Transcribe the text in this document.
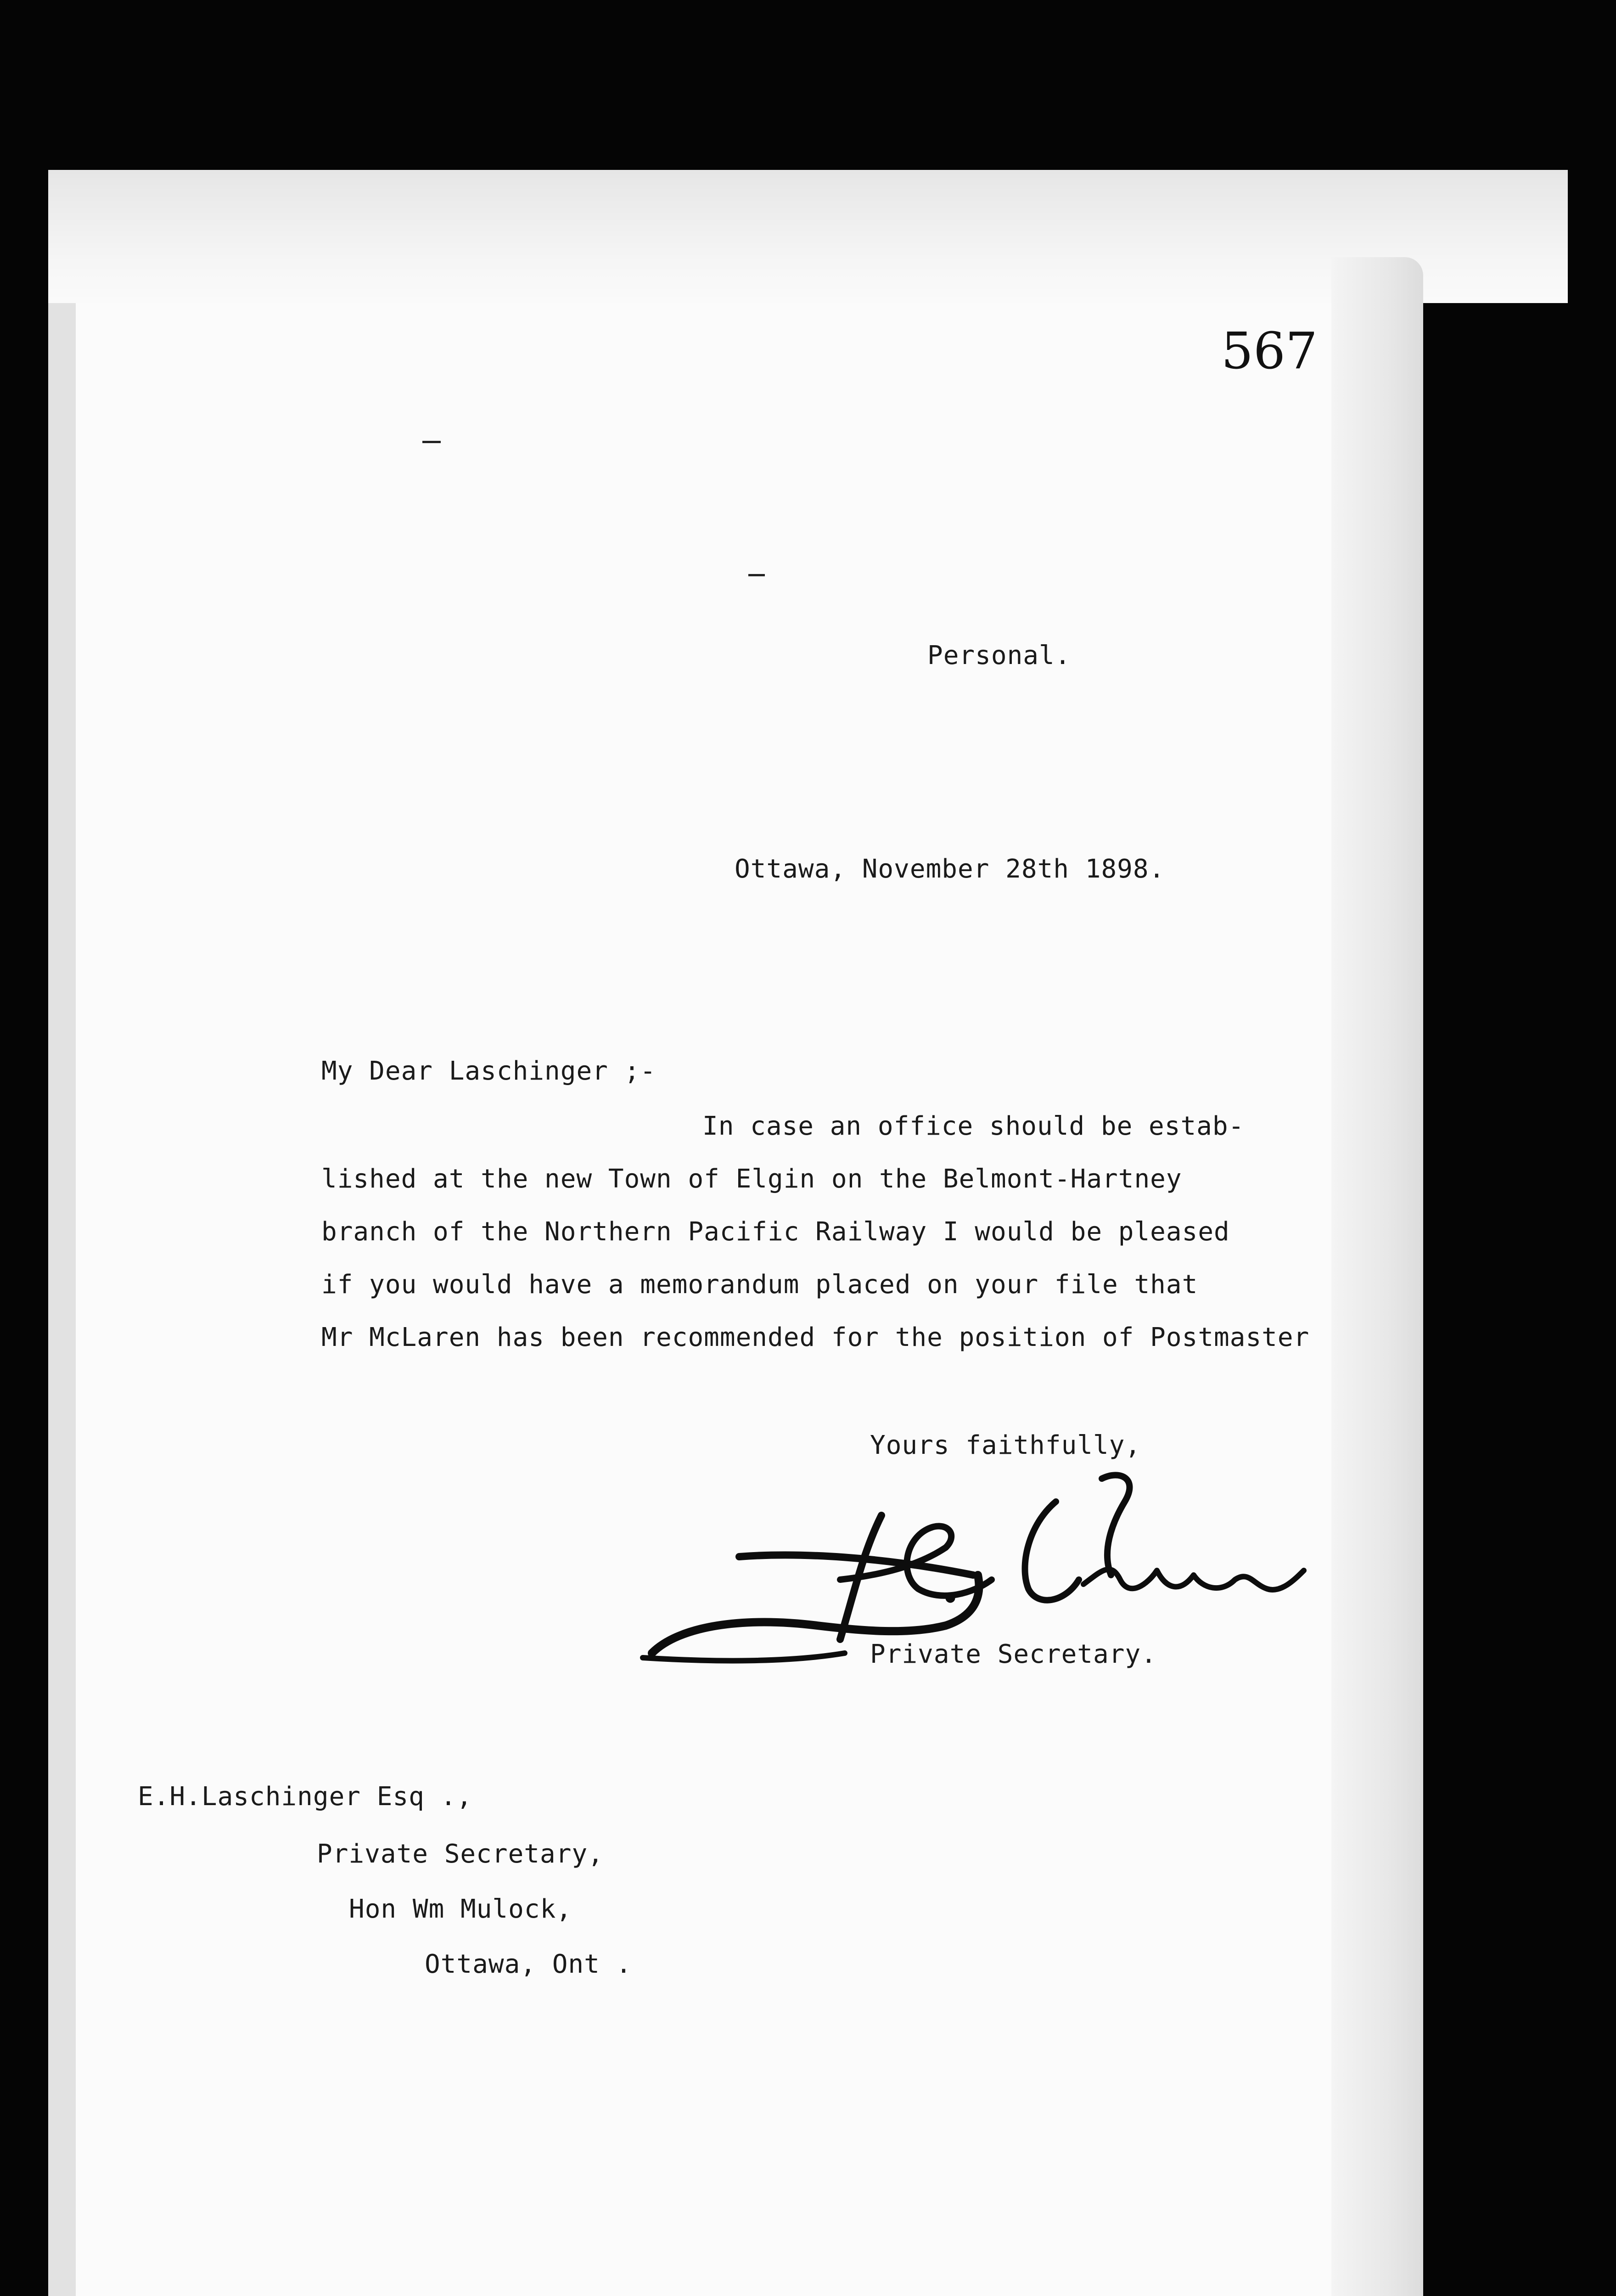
567
Personal.
Ottawa, November 28th 1898.
My Dear Laschinger ;-
In case an office should be estab-
lished at the new Town of Elgin on the Belmont-Hartney
branch of the Northern Pacific Railway I would be pleased
if you would have a memorandum placed on your file that
Mr McLaren has been recommended for the position of Postmaster
Yours faithfully,
Private Secretary.
E.H.Laschinger Esq .,
Private Secretary,
Hon Wm Mulock,
Ottawa, Ont .
